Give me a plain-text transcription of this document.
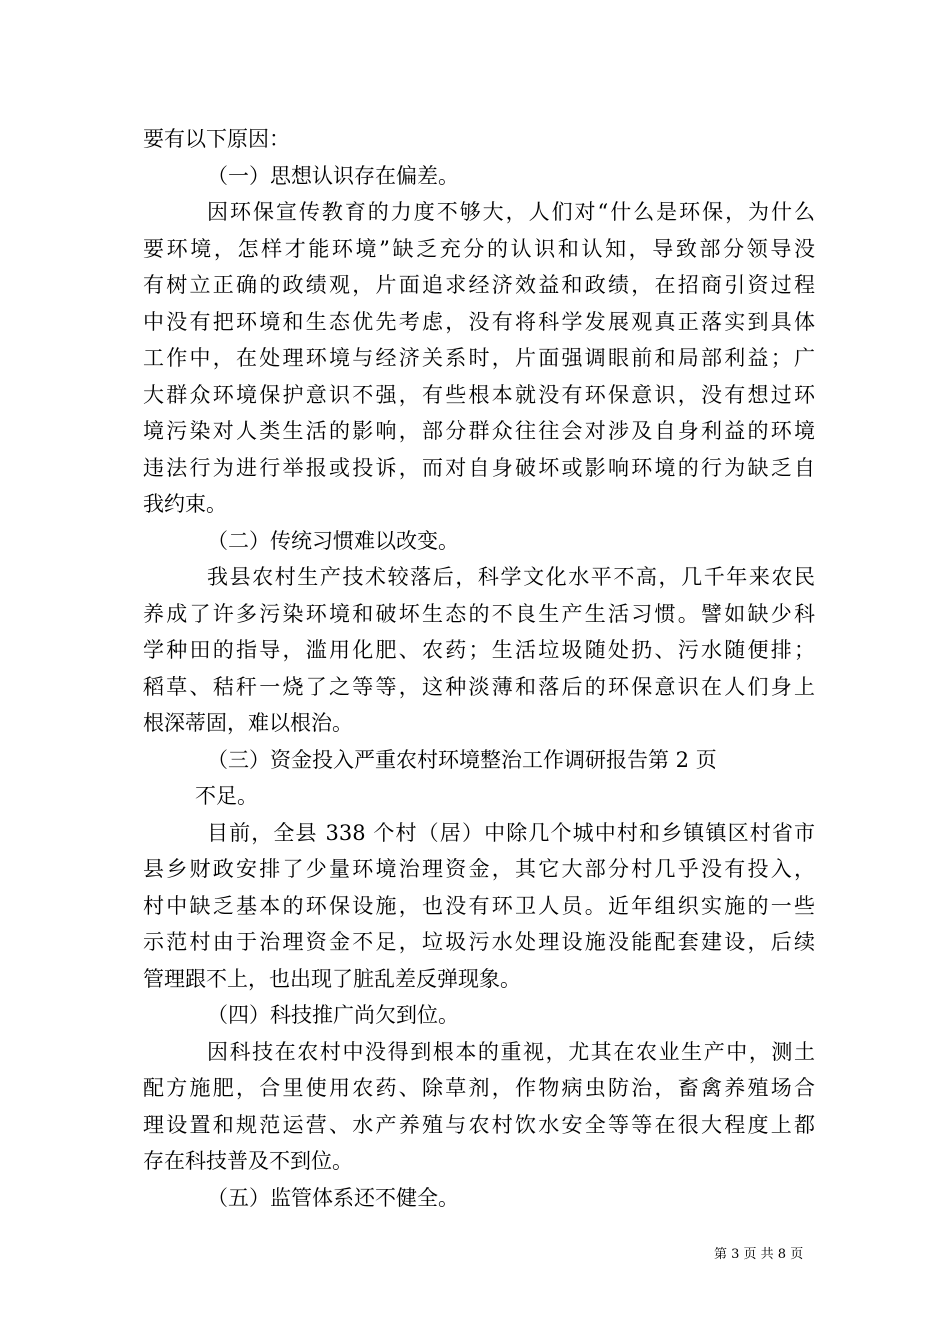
要有以下原因：
（一）思想认识存在偏差。
因环保宣传教育的力度不够大，人们对“什么是环保，为什么
要环境，怎样才能环境”缺乏充分的认识和认知，导致部分领导没
有树立正确的政绩观，片面追求经济效益和政绩，在招商引资过程
中没有把环境和生态优先考虑，没有将科学发展观真正落实到具体
工作中，在处理环境与经济关系时，片面强调眼前和局部利益；广
大群众环境保护意识不强，有些根本就没有环保意识，没有想过环
境污染对人类生活的影响，部分群众往往会对涉及自身利益的环境
违法行为进行举报或投诉，而对自身破坏或影响环境的行为缺乏自
我约束。
（二）传统习惯难以改变。
我县农村生产技术较落后，科学文化水平不高，几千年来农民
养成了许多污染环境和破坏生态的不良生产生活习惯。譬如缺少科
学种田的指导，滥用化肥、农药；生活垃圾随处扔、污水随便排；
稻草、秸秆一烧了之等等，这种淡薄和落后的环保意识在人们身上
根深蒂固，难以根治。
（三）资金投入严重农村环境整治工作调研报告第 2 页
不足。
目前，全县 338 个村（居）中除几个城中村和乡镇镇区村省市
县乡财政安排了少量环境治理资金，其它大部分村几乎没有投入，
村中缺乏基本的环保设施，也没有环卫人员。近年组织实施的一些
示范村由于治理资金不足，垃圾污水处理设施没能配套建设，后续
管理跟不上，也出现了脏乱差反弹现象。
（四）科技推广尚欠到位。
因科技在农村中没得到根本的重视，尤其在农业生产中，测土
配方施肥，合里使用农药、除草剂，作物病虫防治，畜禽养殖场合
理设置和规范运营、水产养殖与农村饮水安全等等在很大程度上都
存在科技普及不到位。
（五）监管体系还不健全。
第 3 页 共 8 页
